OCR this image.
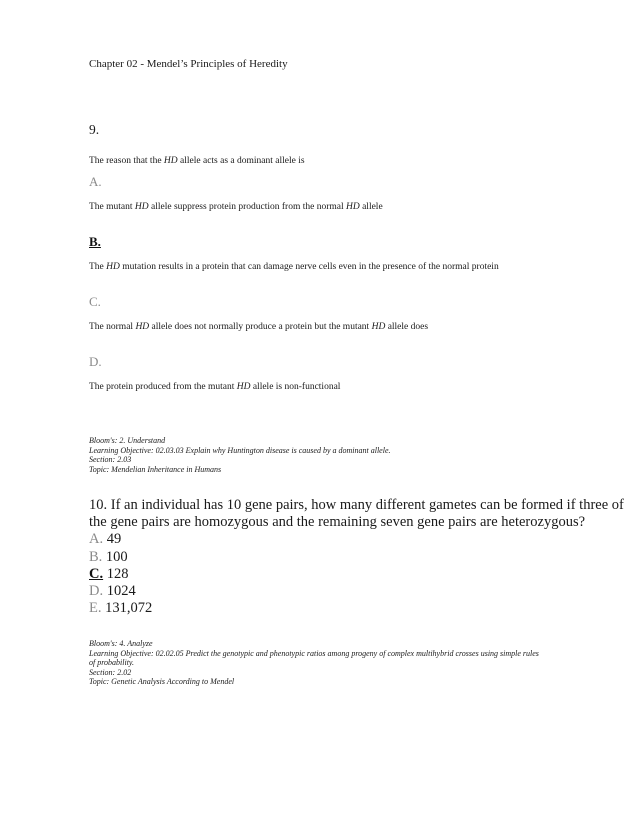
Chapter 02 - Mendel’s Principles of Heredity
9.
The reason that the HD allele acts as a dominant allele is
A.
The mutant HD allele suppress protein production from the normal HD allele
B.
The HD mutation results in a protein that can damage nerve cells even in the presence of the normal protein
C.
The normal HD allele does not normally produce a protein but the mutant HD allele does
D.
The protein produced from the mutant HD allele is non-functional
Bloom's: 2. Understand
Learning Objective: 02.03.03 Explain why Huntington disease is caused by a dominant allele.
Section: 2.03
Topic: Mendelian Inheritance in Humans
10. If an individual has 10 gene pairs, how many different gametes can be formed if three of
the gene pairs are homozygous and the remaining seven gene pairs are heterozygous?
A. 49
B. 100
C. 128
D. 1024
E. 131,072
Bloom's: 4. Analyze
Learning Objective: 02.02.05 Predict the genotypic and phenotypic ratios among progeny of complex multihybrid crosses using simple rules
of probability.
Section: 2.02
Topic: Genetic Analysis According to Mendel
